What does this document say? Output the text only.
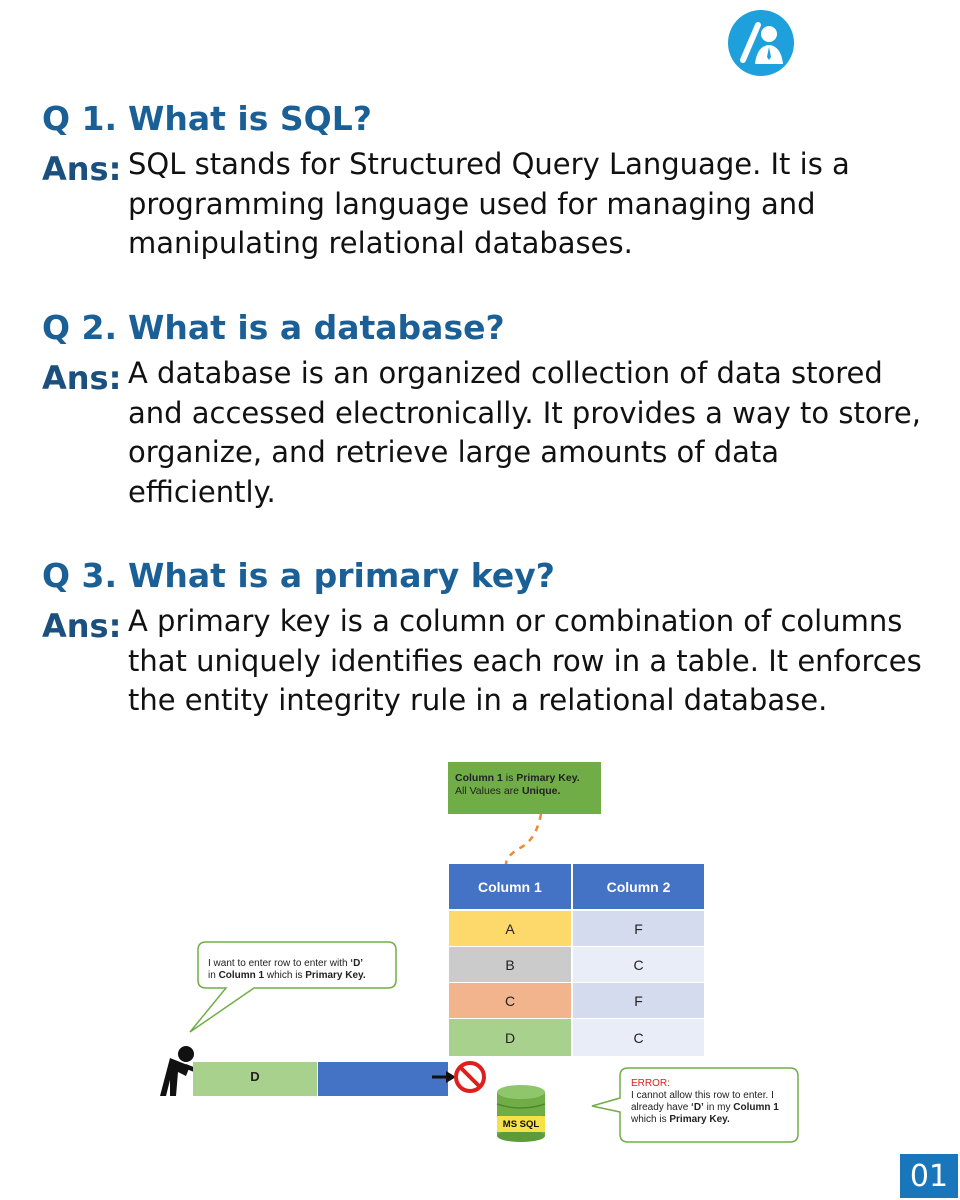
Q 1. What is SQL?
Ans: SQL stands for Structured Query Language. It is a programming language used for managing and manipulating relational databases.
Q 2. What is a database?
Ans: A database is an organized collection of data stored and accessed electronically. It provides a way to store, organize, and retrieve large amounts of data efficiently.
Q 3. What is a primary key?
Ans: A primary key is a column or combination of columns that uniquely identifies each row in a table. It enforces the entity integrity rule in a relational database.
Column 1 is Primary Key.
All Values are Unique.
Column 1	Column 2
A	F
B	C
C	F
D	C
I want to enter row to enter with ‘D’
in Column 1 which is Primary Key.
D
MS SQL
ERROR:
I cannot allow this row to enter. I
already have ‘D’ in my Column 1
which is Primary Key.
01
